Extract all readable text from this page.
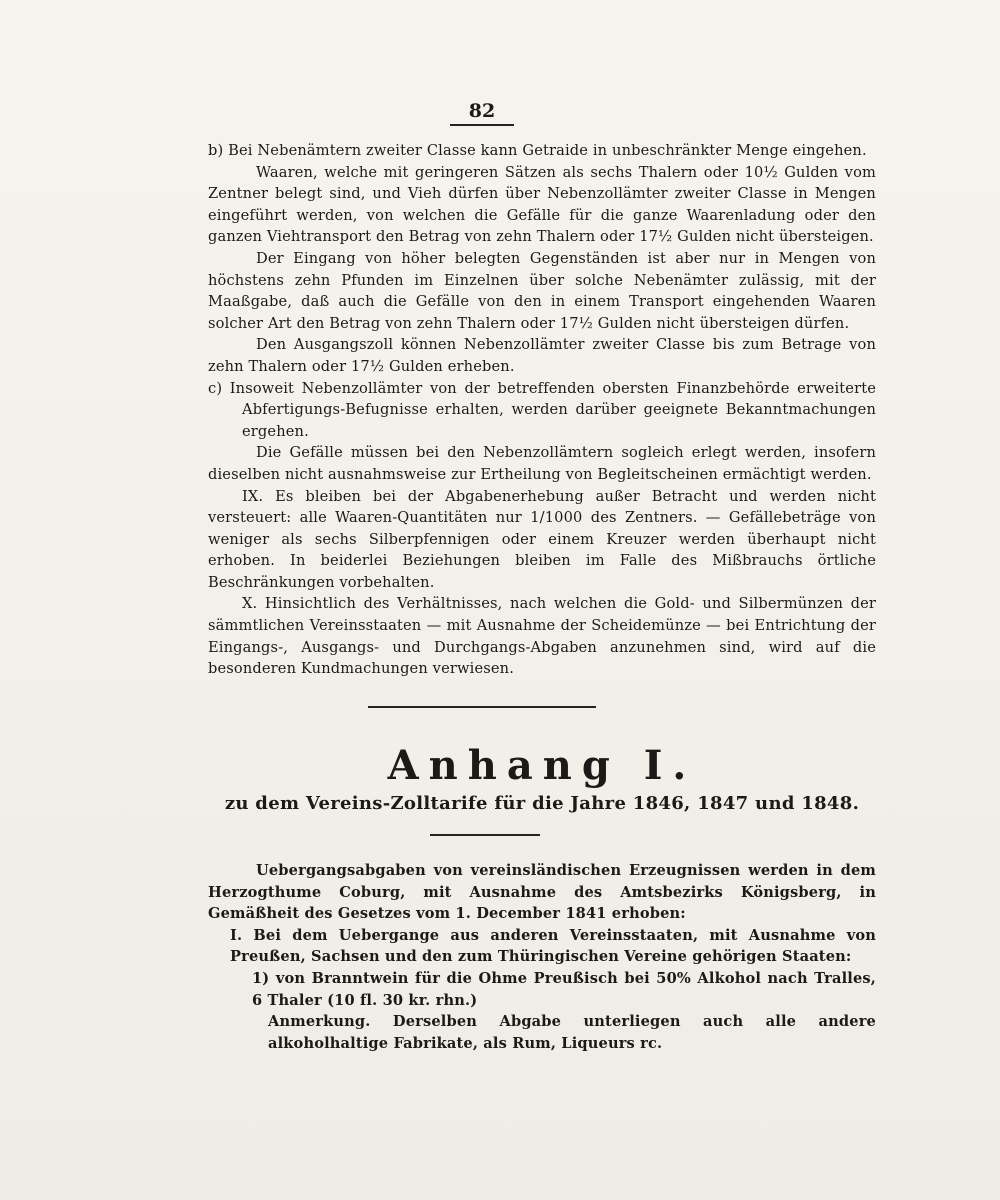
82

b) Bei Nebenämtern zweiter Classe kann Getraide in unbeschränkter Menge eingehen.

Waaren, welche mit geringeren Sätzen als sechs Thalern oder 10½ Gulden vom Zentner belegt sind, und Vieh dürfen über Nebenzollämter zweiter Classe in Mengen eingeführt werden, von welchen die Gefälle für die ganze Waarenladung oder den ganzen Viehtransport den Betrag von zehn Thalern oder 17½ Gulden nicht übersteigen.

Der Eingang von höher belegten Gegenständen ist aber nur in Mengen von höchstens zehn Pfunden im Einzelnen über solche Nebenämter zulässig, mit der Maaßgabe, daß auch die Gefälle von den in einem Transport eingehenden Waaren solcher Art den Betrag von zehn Thalern oder 17½ Gulden nicht übersteigen dürfen.

Den Ausgangszoll können Nebenzollämter zweiter Classe bis zum Betrage von zehn Thalern oder 17½ Gulden erheben.

c) Insoweit Nebenzollämter von der betreffenden obersten Finanzbehörde erweiterte Abfertigungs-Befugnisse erhalten, werden darüber geeignete Bekanntmachungen ergehen.

Die Gefälle müssen bei den Nebenzollämtern sogleich erlegt werden, insofern dieselben nicht ausnahmsweise zur Ertheilung von Begleitscheinen ermächtigt werden.

IX. Es bleiben bei der Abgabenerhebung außer Betracht und werden nicht versteuert: alle Waaren-Quantitäten nur 1/1000 des Zentners. — Gefällebeträge von weniger als sechs Silberpfennigen oder einem Kreuzer werden überhaupt nicht erhoben. In beiderlei Beziehungen bleiben im Falle des Mißbrauchs örtliche Beschränkungen vorbehalten.

X. Hinsichtlich des Verhältnisses, nach welchen die Gold- und Silbermünzen der sämmtlichen Vereinsstaaten — mit Ausnahme der Scheidemünze — bei Entrichtung der Eingangs-, Ausgangs- und Durchgangs-Abgaben anzunehmen sind, wird auf die besonderen Kundmachungen verwiesen.

Anhang I.
zu dem Vereins-Zolltarife für die Jahre 1846, 1847 und 1848.

Uebergangsabgaben von vereinsländischen Erzeugnissen werden in dem Herzogthume Coburg, mit Ausnahme des Amtsbezirks Königsberg, in Gemäßheit des Gesetzes vom 1. December 1841 erhoben:

I. Bei dem Uebergange aus anderen Vereinsstaaten, mit Ausnahme von Preußen, Sachsen und den zum Thüringischen Vereine gehörigen Staaten:

1) von Branntwein für die Ohme Preußisch bei 50% Alkohol nach Tralles, 6 Thaler (10 fl. 30 kr. rhn.)

Anmerkung. Derselben Abgabe unterliegen auch alle andere alkoholhaltige Fabrikate, als Rum, Liqueurs rc.
